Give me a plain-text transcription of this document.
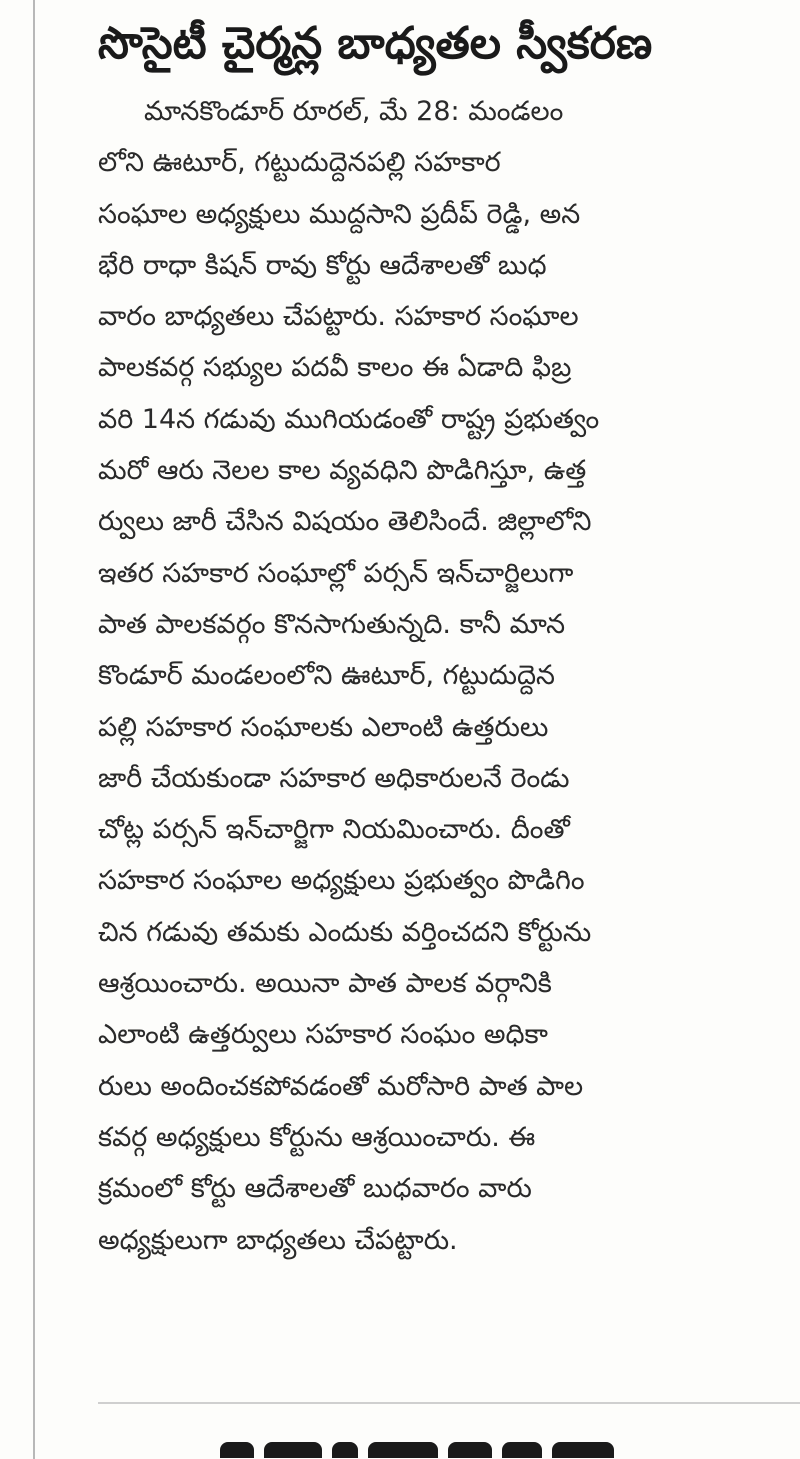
సొసైటీ చైర్మన్ల బాధ్యతల స్వీకరణ
మానకొండూర్ రూరల్, మే 28: మండలం
లోని ఊటూర్, గట్టుదుద్దెనపల్లి సహకార
సంఘాల అధ్యక్షులు ముద్దసాని ప్రదీప్ రెడ్డి, అన
భేరి రాధా కిషన్ రావు కోర్టు ఆదేశాలతో బుధ
వారం బాధ్యతలు చేపట్టారు. సహకార సంఘాల
పాలకవర్గ సభ్యుల పదవీ కాలం ఈ ఏడాది ఫిబ్ర
వరి 14న గడువు ముగియడంతో రాష్ట్ర ప్రభుత్వం
మరో ఆరు నెలల కాల వ్యవధిని పొడిగిస్తూ, ఉత్త
ర్వులు జారీ చేసిన విషయం తెలిసిందే. జిల్లాలోని
ఇతర సహకార సంఘాల్లో పర్సన్ ఇన్‌చార్జిలుగా
పాత పాలకవర్గం కొనసాగుతున్నది. కానీ మాన
కొండూర్ మండలంలోని ఊటూర్, గట్టుదుద్దెన
పల్లి సహకార సంఘాలకు ఎలాంటి ఉత్తరులు
జారీ చేయకుండా సహకార అధికారులనే రెండు
చోట్ల పర్సన్ ఇన్‌చార్జిగా నియమించారు. దీంతో
సహకార సంఘాల అధ్యక్షులు ప్రభుత్వం పొడిగిం
చిన గడువు తమకు ఎందుకు వర్తించదని కోర్టును
ఆశ్రయించారు. అయినా పాత పాలక వర్గానికి
ఎలాంటి ఉత్తర్వులు సహకార సంఘం అధికా
రులు అందించకపోవడంతో మరోసారి పాత పాల
కవర్గ అధ్యక్షులు కోర్టును ఆశ్రయించారు. ఈ
క్రమంలో కోర్టు ఆదేశాలతో బుధవారం వారు
అధ్యక్షులుగా బాధ్యతలు చేపట్టారు.
